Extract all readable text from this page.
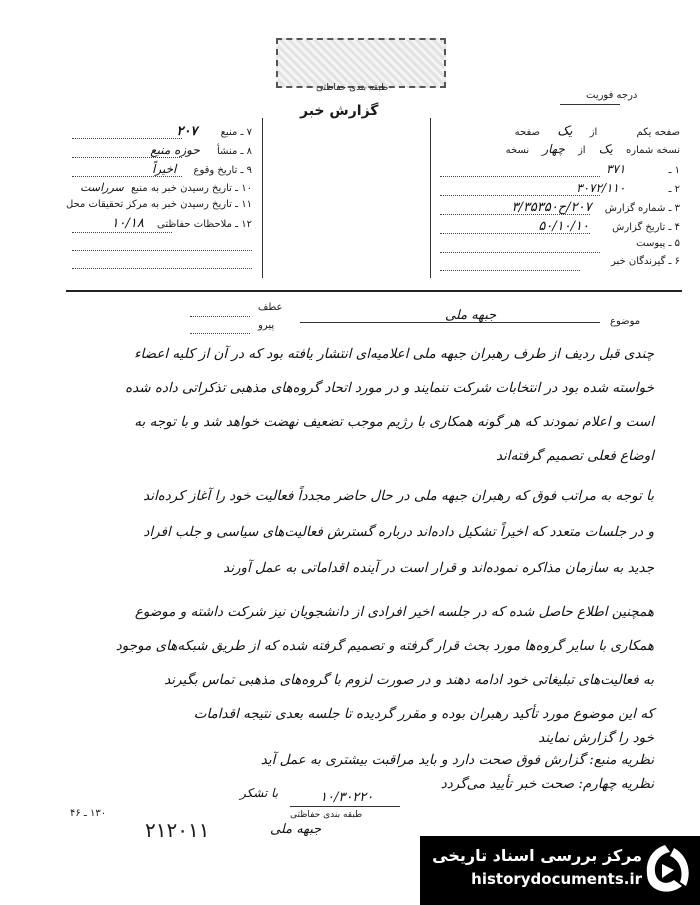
طبقه بندی حفاظتی
درجه فوریت
گزارش خبر
صفحه یکم از یک صفحه
نسخه شماره یک از چهار نسخه
۱ ـ ۳۷۱
۲ ـ ۳۰۷۲/۱۱۰
۳ ـ شماره گزارش ۲۰۷/ح۳/۳۵۳۵۰
۴ ـ تاریخ گزارش ۵۰/۱۰/۱۰
۵ ـ پیوست
۶ ـ گیرندگان خبر
۷ ـ منبع ۲۰۷
۸ ـ منشأ حوزه منبع
۹ ـ تاریخ وقوع اخیراً
۱۰ ـ تاریخ رسیدن خبر به منبع سرراست
۱۱ ـ تاریخ رسیدن خبر به مرکز تحقیقات محل
۱۲ ـ ملاحظات حفاظتی ۱۰/۱۸
موضوع
جبهه ملی
عطف
پیرو
چندی قبل ردیف از طرف رهبران جبهه ملی اعلامیه‌ای انتشار یافته بود که در آن از کلیه اعضاء
خواسته شده بود در انتخابات شرکت ننمایند و در مورد اتحاد گروه‌های مذهبی تذکراتی داده شده
است و اعلام نمودند که هر گونه همکاری با رژیم موجب تضعیف نهضت خواهد شد و با توجه به
اوضاع فعلی تصمیم گرفته‌اند
با توجه به مراتب فوق که رهبران جبهه ملی در حال حاضر مجدداً فعالیت خود را آغاز کرده‌اند
و در جلسات متعدد که اخیراً تشکیل داده‌اند درباره گسترش فعالیت‌های سیاسی و جلب افراد
جدید به سازمان مذاکره نموده‌اند و قرار است در آینده اقداماتی به عمل آورند
همچنین اطلاع حاصل شده که در جلسه اخیر افرادی از دانشجویان نیز شرکت داشته و موضوع
همکاری با سایر گروه‌ها مورد بحث قرار گرفته و تصمیم گرفته شده که از طریق شبکه‌های موجود
به فعالیت‌های تبلیغاتی خود ادامه دهند و در صورت لزوم با گروه‌های مذهبی تماس بگیرند
که این موضوع مورد تأکید رهبران بوده و مقرر گردیده تا جلسه بعدی نتیجه اقدامات
خود را گزارش نمایند
نظریه منبع: گزارش فوق صحت دارد و باید مراقبت بیشتری به عمل آید
نظریه چهارم: صحت خبر تأیید می‌گردد
۱۰/۳۰۲۲۰
با تشکر
طبقه بندی حفاظتی
۱۳۰ ـ ۴۶
۲۱۲۰۱۱	جبهه ملی
مرکز بررسی اسناد تاریخی
historydocuments.ir
